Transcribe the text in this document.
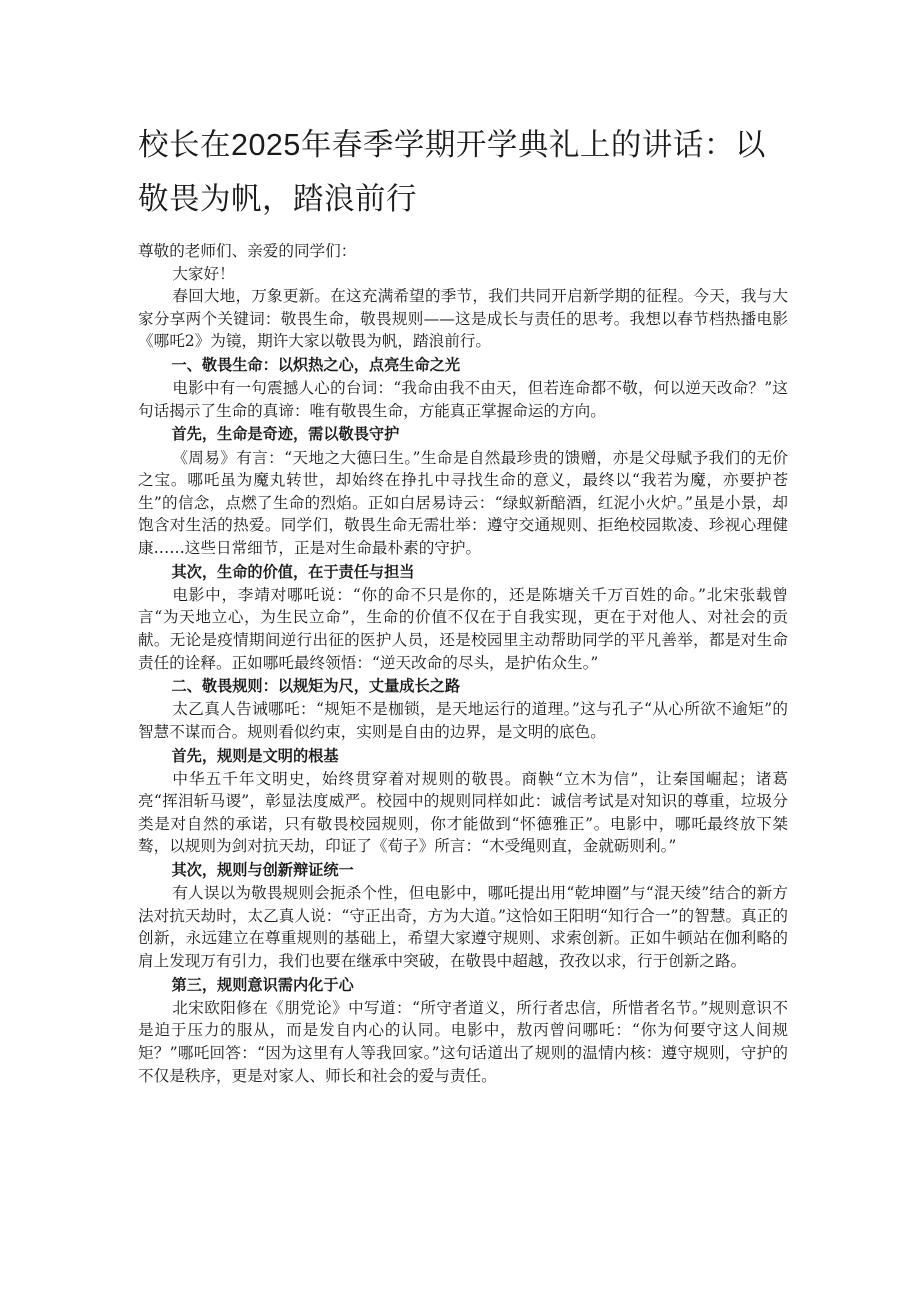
校长在2025年春季学期开学典礼上的讲话：以敬畏为帆，踏浪前行

尊敬的老师们、亲爱的同学们：

大家好！

春回大地，万象更新。在这充满希望的季节，我们共同开启新学期的征程。今天，我与大家分享两个关键词：敬畏生命，敬畏规则——这是成长与责任的思考。我想以春节档热播电影《哪吒2》为镜，期许大家以敬畏为帆，踏浪前行。

一、敬畏生命：以炽热之心，点亮生命之光

电影中有一句震撼人心的台词：“我命由我不由天，但若连命都不敬，何以逆天改命？”这句话揭示了生命的真谛：唯有敬畏生命，方能真正掌握命运的方向。

首先，生命是奇迹，需以敬畏守护

《周易》有言：“天地之大德曰生。”生命是自然最珍贵的馈赠，亦是父母赋予我们的无价之宝。哪吒虽为魔丸转世，却始终在挣扎中寻找生命的意义，最终以“我若为魔，亦要护苍生”的信念，点燃了生命的烈焰。正如白居易诗云：“绿蚁新醅酒，红泥小火炉。”虽是小景，却饱含对生活的热爱。同学们，敬畏生命无需壮举：遵守交通规则、拒绝校园欺凌、珍视心理健康……这些日常细节，正是对生命最朴素的守护。

其次，生命的价值，在于责任与担当

电影中，李靖对哪吒说：“你的命不只是你的，还是陈塘关千万百姓的命。”北宋张载曾言“为天地立心，为生民立命”，生命的价值不仅在于自我实现，更在于对他人、对社会的贡献。无论是疫情期间逆行出征的医护人员，还是校园里主动帮助同学的平凡善举，都是对生命责任的诠释。正如哪吒最终领悟：“逆天改命的尽头，是护佑众生。”

二、敬畏规则：以规矩为尺，丈量成长之路

太乙真人告诫哪吒：“规矩不是枷锁，是天地运行的道理。”这与孔子“从心所欲不逾矩”的智慧不谋而合。规则看似约束，实则是自由的边界，是文明的底色。

首先，规则是文明的根基

中华五千年文明史，始终贯穿着对规则的敬畏。商鞅“立木为信”，让秦国崛起；诸葛亮“挥泪斩马谡”，彰显法度威严。校园中的规则同样如此：诚信考试是对知识的尊重，垃圾分类是对自然的承诺，只有敬畏校园规则，你才能做到“怀德雅正”。电影中，哪吒最终放下桀骜，以规则为剑对抗天劫，印证了《荀子》所言：“木受绳则直，金就砺则利。”

其次，规则与创新辩证统一

有人误以为敬畏规则会扼杀个性，但电影中，哪吒提出用“乾坤圈”与“混天绫”结合的新方法对抗天劫时，太乙真人说：“守正出奇，方为大道。”这恰如王阳明“知行合一”的智慧。真正的创新，永远建立在尊重规则的基础上，希望大家遵守规则、求索创新。正如牛顿站在伽利略的肩上发现万有引力，我们也要在继承中突破，在敬畏中超越，孜孜以求，行于创新之路。

第三，规则意识需内化于心

北宋欧阳修在《朋党论》中写道：“所守者道义，所行者忠信，所惜者名节。”规则意识不是迫于压力的服从，而是发自内心的认同。电影中，敖丙曾问哪吒：“你为何要守这人间规矩？”哪吒回答：“因为这里有人等我回家。”这句话道出了规则的温情内核：遵守规则，守护的不仅是秩序，更是对家人、师长和社会的爱与责任。
